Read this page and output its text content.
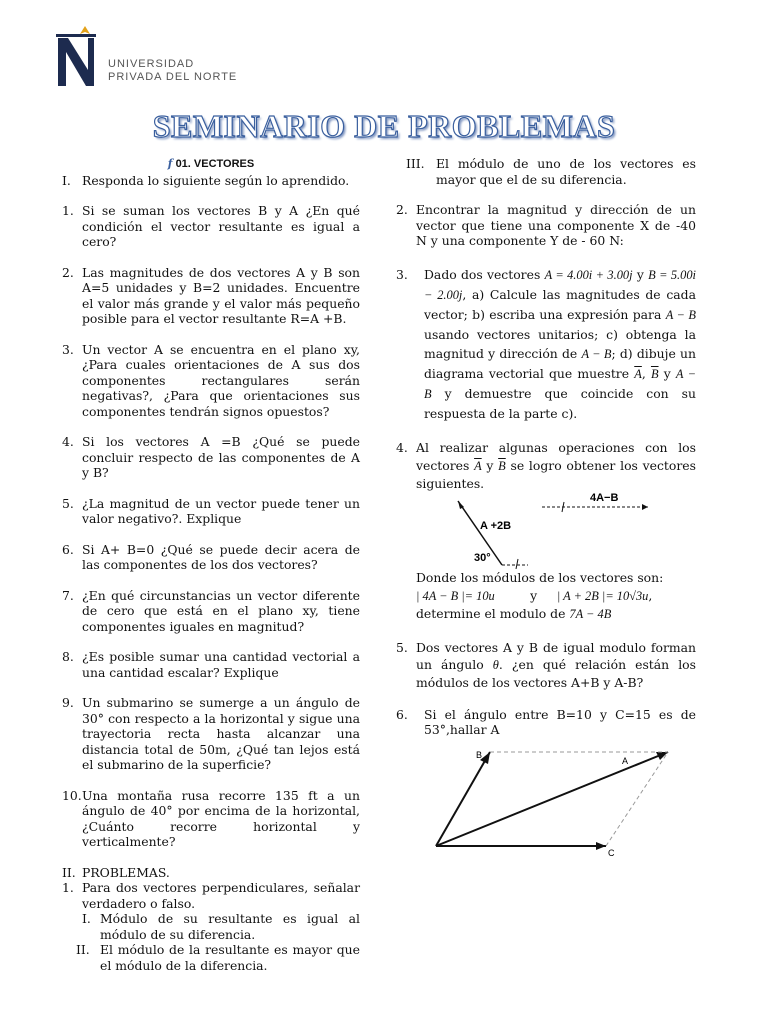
UNIVERSIDAD
PRIVADA DEL NORTE
SEMINARIO DE PROBLEMAS
f 01. VECTORES
I. Responda lo siguiente según lo aprendido.
1. Si se suman los vectores B y A ¿En qué condición el vector resultante es igual a cero?
2. Las magnitudes de dos vectores A y B son A=5 unidades y B=2 unidades. Encuentre el valor más grande y el valor más pequeño posible para el vector resultante R=A +B.
3. Un vector A se encuentra en el plano xy, ¿Para cuales orientaciones de A sus dos componentes rectangulares serán negativas?, ¿Para que orientaciones sus componentes tendrán signos opuestos?
4. Si los vectores A =B ¿Qué se puede concluir respecto de las componentes de A y B?
5. ¿La magnitud de un vector puede tener un valor negativo?. Explique
6. Si A+ B=0 ¿Qué se puede decir acera de las componentes de los dos vectores?
7. ¿En qué circunstancias un vector diferente de cero que está en el plano xy, tiene componentes iguales en magnitud?
8. ¿Es posible sumar una cantidad vectorial a una cantidad escalar? Explique
9. Un submarino se sumerge a un ángulo de 30° con respecto a la horizontal y sigue una trayectoria recta hasta alcanzar una distancia total de 50m, ¿Qué tan lejos está el submarino de la superficie?
10. Una montaña rusa recorre 135 ft a un ángulo de 40° por encima de la horizontal, ¿Cuánto recorre horizontal y verticalmente?
II. PROBLEMAS.
1. Para dos vectores perpendiculares, señalar verdadero o falso.
I. Módulo de su resultante es igual al módulo de su diferencia.
II. El módulo de la resultante es mayor que el módulo de la diferencia.
III. El módulo de uno de los vectores es mayor que el de su diferencia.
2. Encontrar la magnitud y dirección de un vector que tiene una componente X de -40 N y una componente Y de - 60 N:
3.	Dado dos vectores A = 4.00i + 3.00j y B = 5.00i − 2.00j, a) Calcule las magnitudes de cada vector; b) escriba una expresión para A − B usando vectores unitarios; c) obtenga la magnitud y dirección de A − B; d) dibuje un diagrama vectorial que muestre $\overline{A}$, $\overline{B}$ y A − B y demuestre que coincide con su respuesta de la parte c).
4. Al realizar algunas operaciones con los vectores $\overline{A}$ y $\overline{B}$ se logro obtener los vectores siguientes.
A +2B
30°
4A−B
Donde los módulos de los vectores son:
| 4A − B |= 10u	y | A + 2B |= 10√3u,
determine el modulo de 7A − 4B
5. Dos vectores A y B de igual modulo forman un ángulo θ. ¿en qué relación están los módulos de los vectores A+B y A-B?
6.	Si el ángulo entre B=10 y C=15 es de 53°,hallar A
B
A
C
